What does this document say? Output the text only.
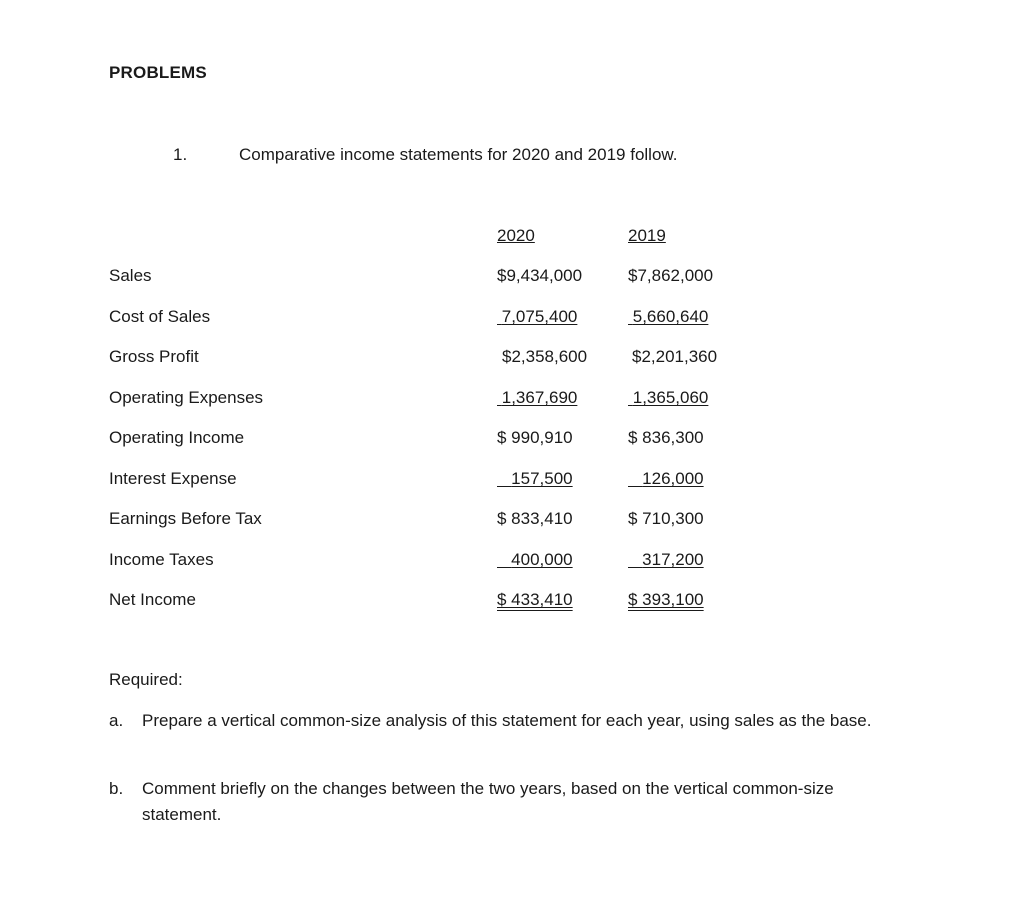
PROBLEMS
1.	Comparative income statements for 2020 and 2019 follow.
2020	2019
Sales	$9,434,000	$7,862,000
Cost of Sales	7,075,400	5,660,640
Gross Profit	$2,358,600	$2,201,360
Operating Expenses	1,367,690	1,365,060
Operating Income	$ 990,910	$ 836,300
Interest Expense	157,500	126,000
Earnings Before Tax	$ 833,410	$ 710,300
Income Taxes	400,000	317,200
Net Income	$ 433,410	$ 393,100
Required:
a. Prepare a vertical common-size analysis of this statement for each year, using sales as the base.
b. Comment briefly on the changes between the two years, based on the vertical common-size statement.
